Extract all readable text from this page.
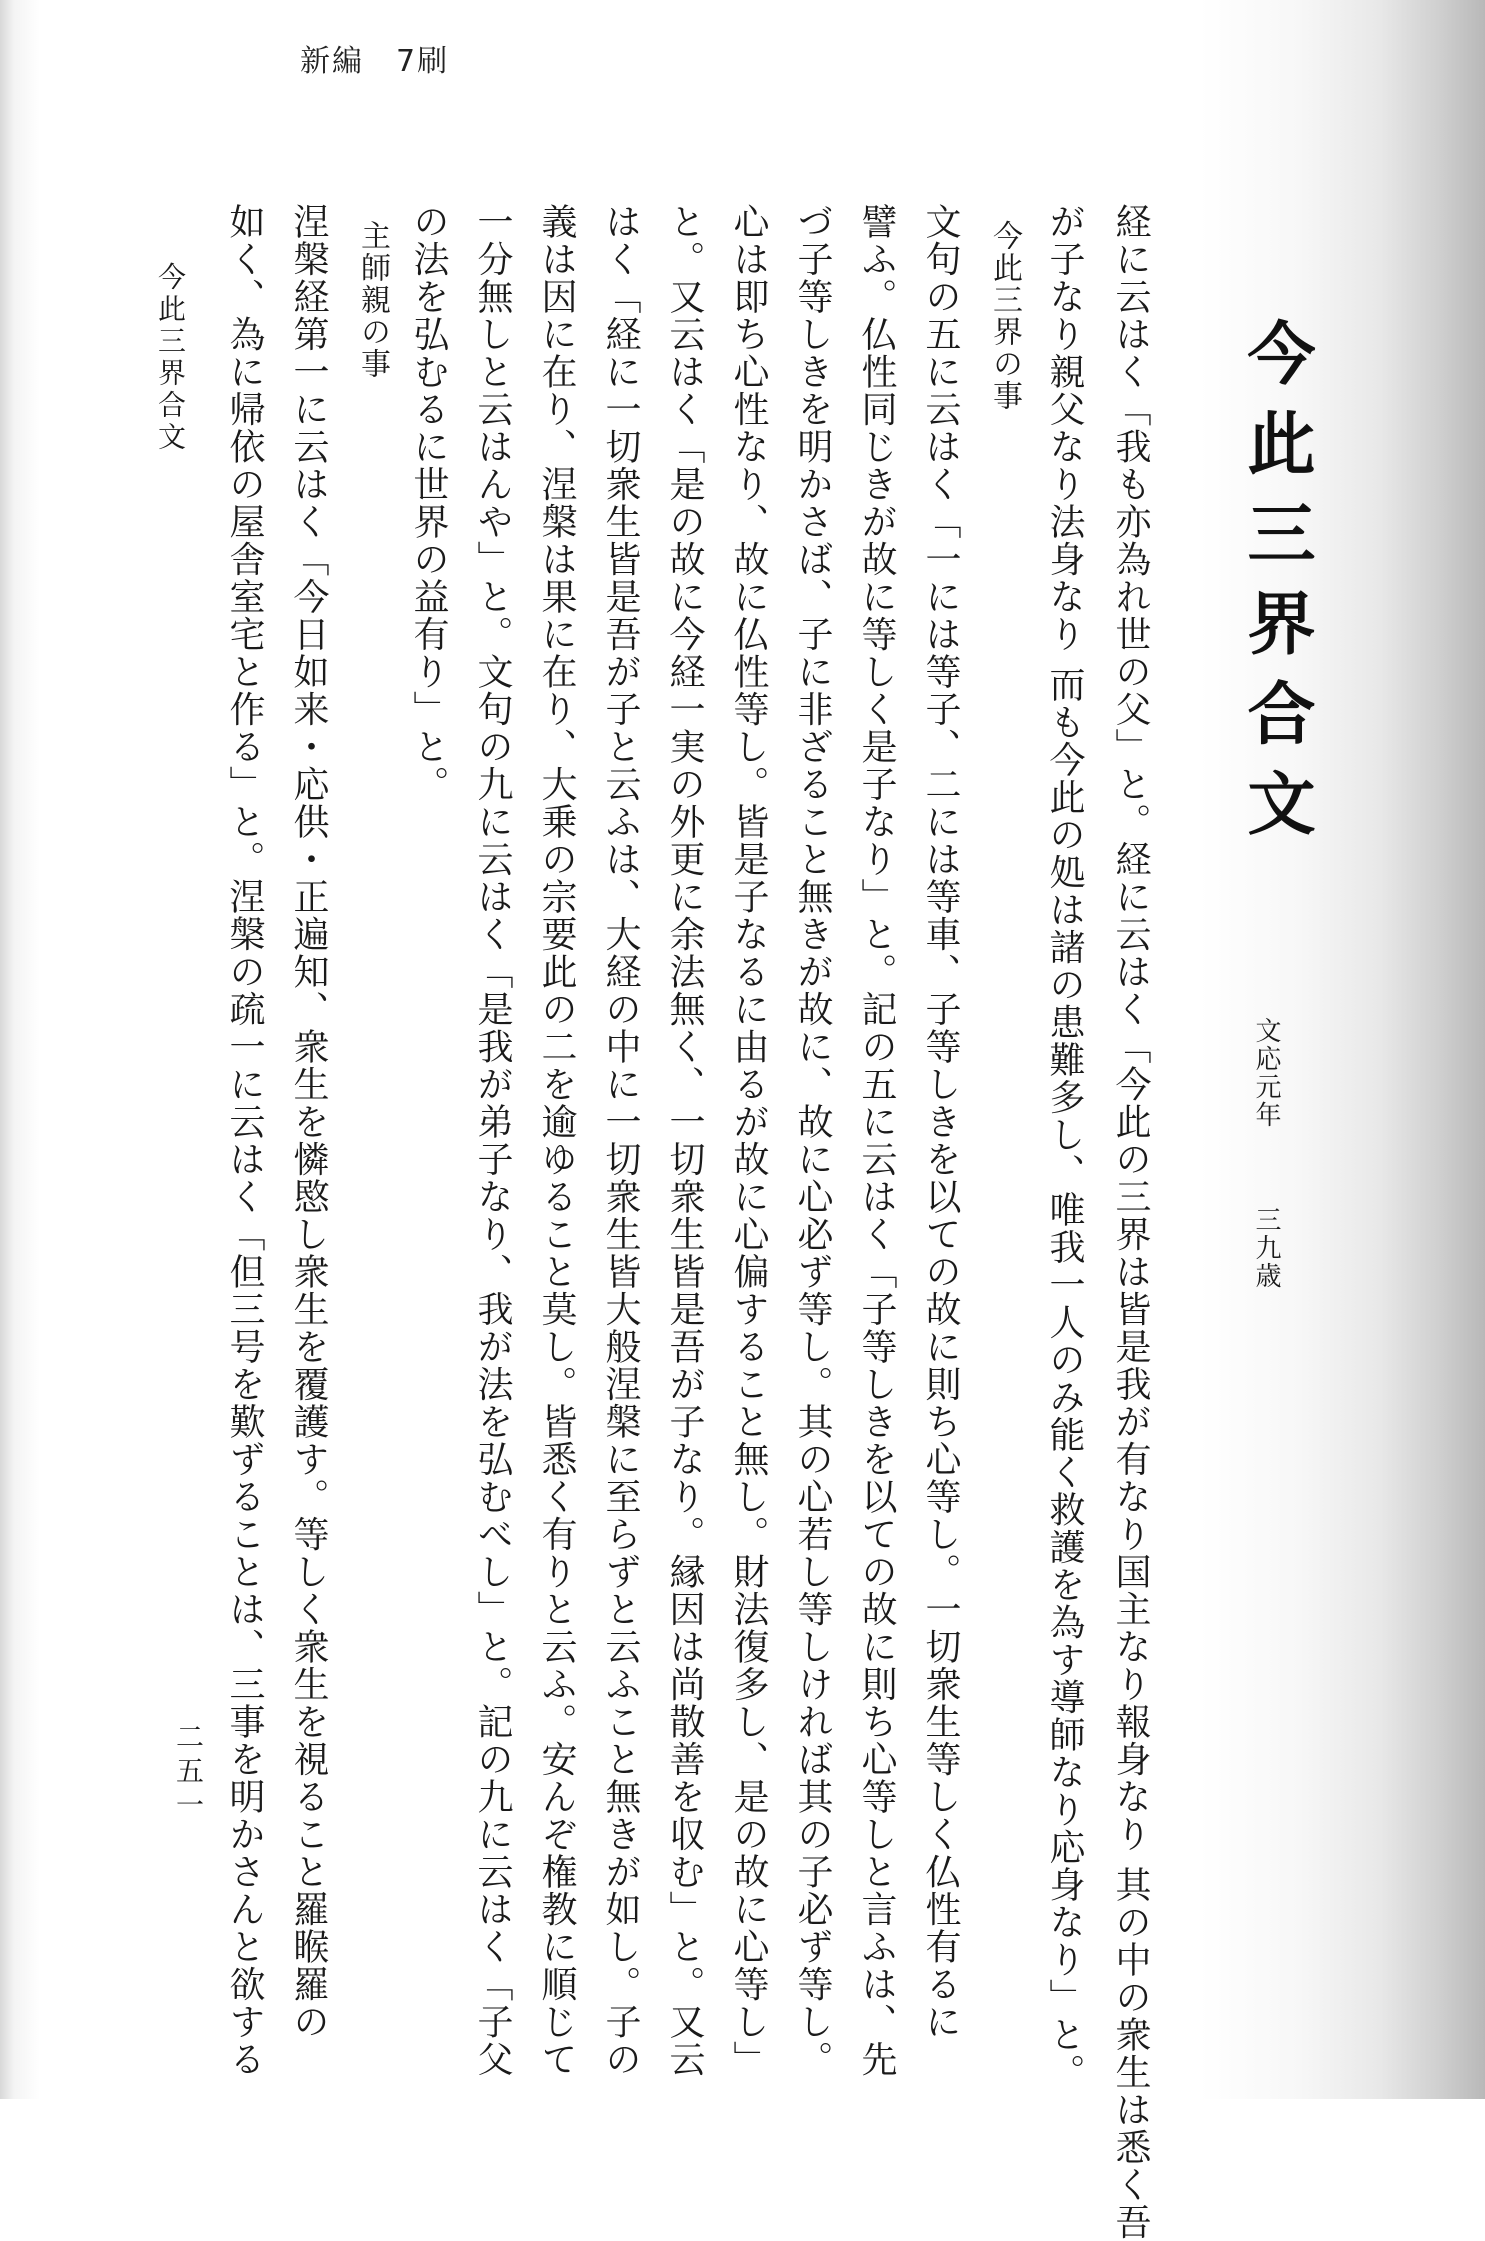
新編　7刷
今此三界合文
文応元年  三九歳
経に云はく「我も亦為れ世の父」と。経に云はく「今此の三界は皆是我が有なり国主なり報身なり 其の中の衆生は悉く吾
が子なり親父なり法身なり 而も今此の処は諸の患難多し、唯我一人のみ能く救護を為す導師なり応身なり」と。
今此三界の事
文句の五に云はく「一には等子、二には等車、子等しきを以ての故に則ち心等し。一切衆生等しく仏性有るに
譬ふ。仏性同じきが故に等しく是子なり」と。記の五に云はく「子等しきを以ての故に則ち心等しと言ふは、先
づ子等しきを明かさば、子に非ざること無きが故に、故に心必ず等し。其の心若し等しければ其の子必ず等し。
心は即ち心性なり、故に仏性等し。皆是子なるに由るが故に心偏すること無し。財法復多し、是の故に心等し」
と。又云はく「是の故に今経一実の外更に余法無く、一切衆生皆是吾が子なり。縁因は尚散善を収む」と。又云
はく「経に一切衆生皆是吾が子と云ふは、大経の中に一切衆生皆大般涅槃に至らずと云ふこと無きが如し。子の
義は因に在り、涅槃は果に在り、大乗の宗要此の二を逾ゆること莫し。皆悉く有りと云ふ。安んぞ権教に順じて
一分無しと云はんや」と。文句の九に云はく「是我が弟子なり、我が法を弘むべし」と。記の九に云はく「子父
の法を弘むるに世界の益有り」と。
主師親の事
涅槃経第一に云はく「今日如来・応供・正遍知、衆生を憐愍し衆生を覆護す。等しく衆生を視ること羅睺羅の
如く、為に帰依の屋舎室宅と作る」と。涅槃の疏一に云はく「但三号を歎ずることは、三事を明かさんと欲する
今此三界合文
二五一
